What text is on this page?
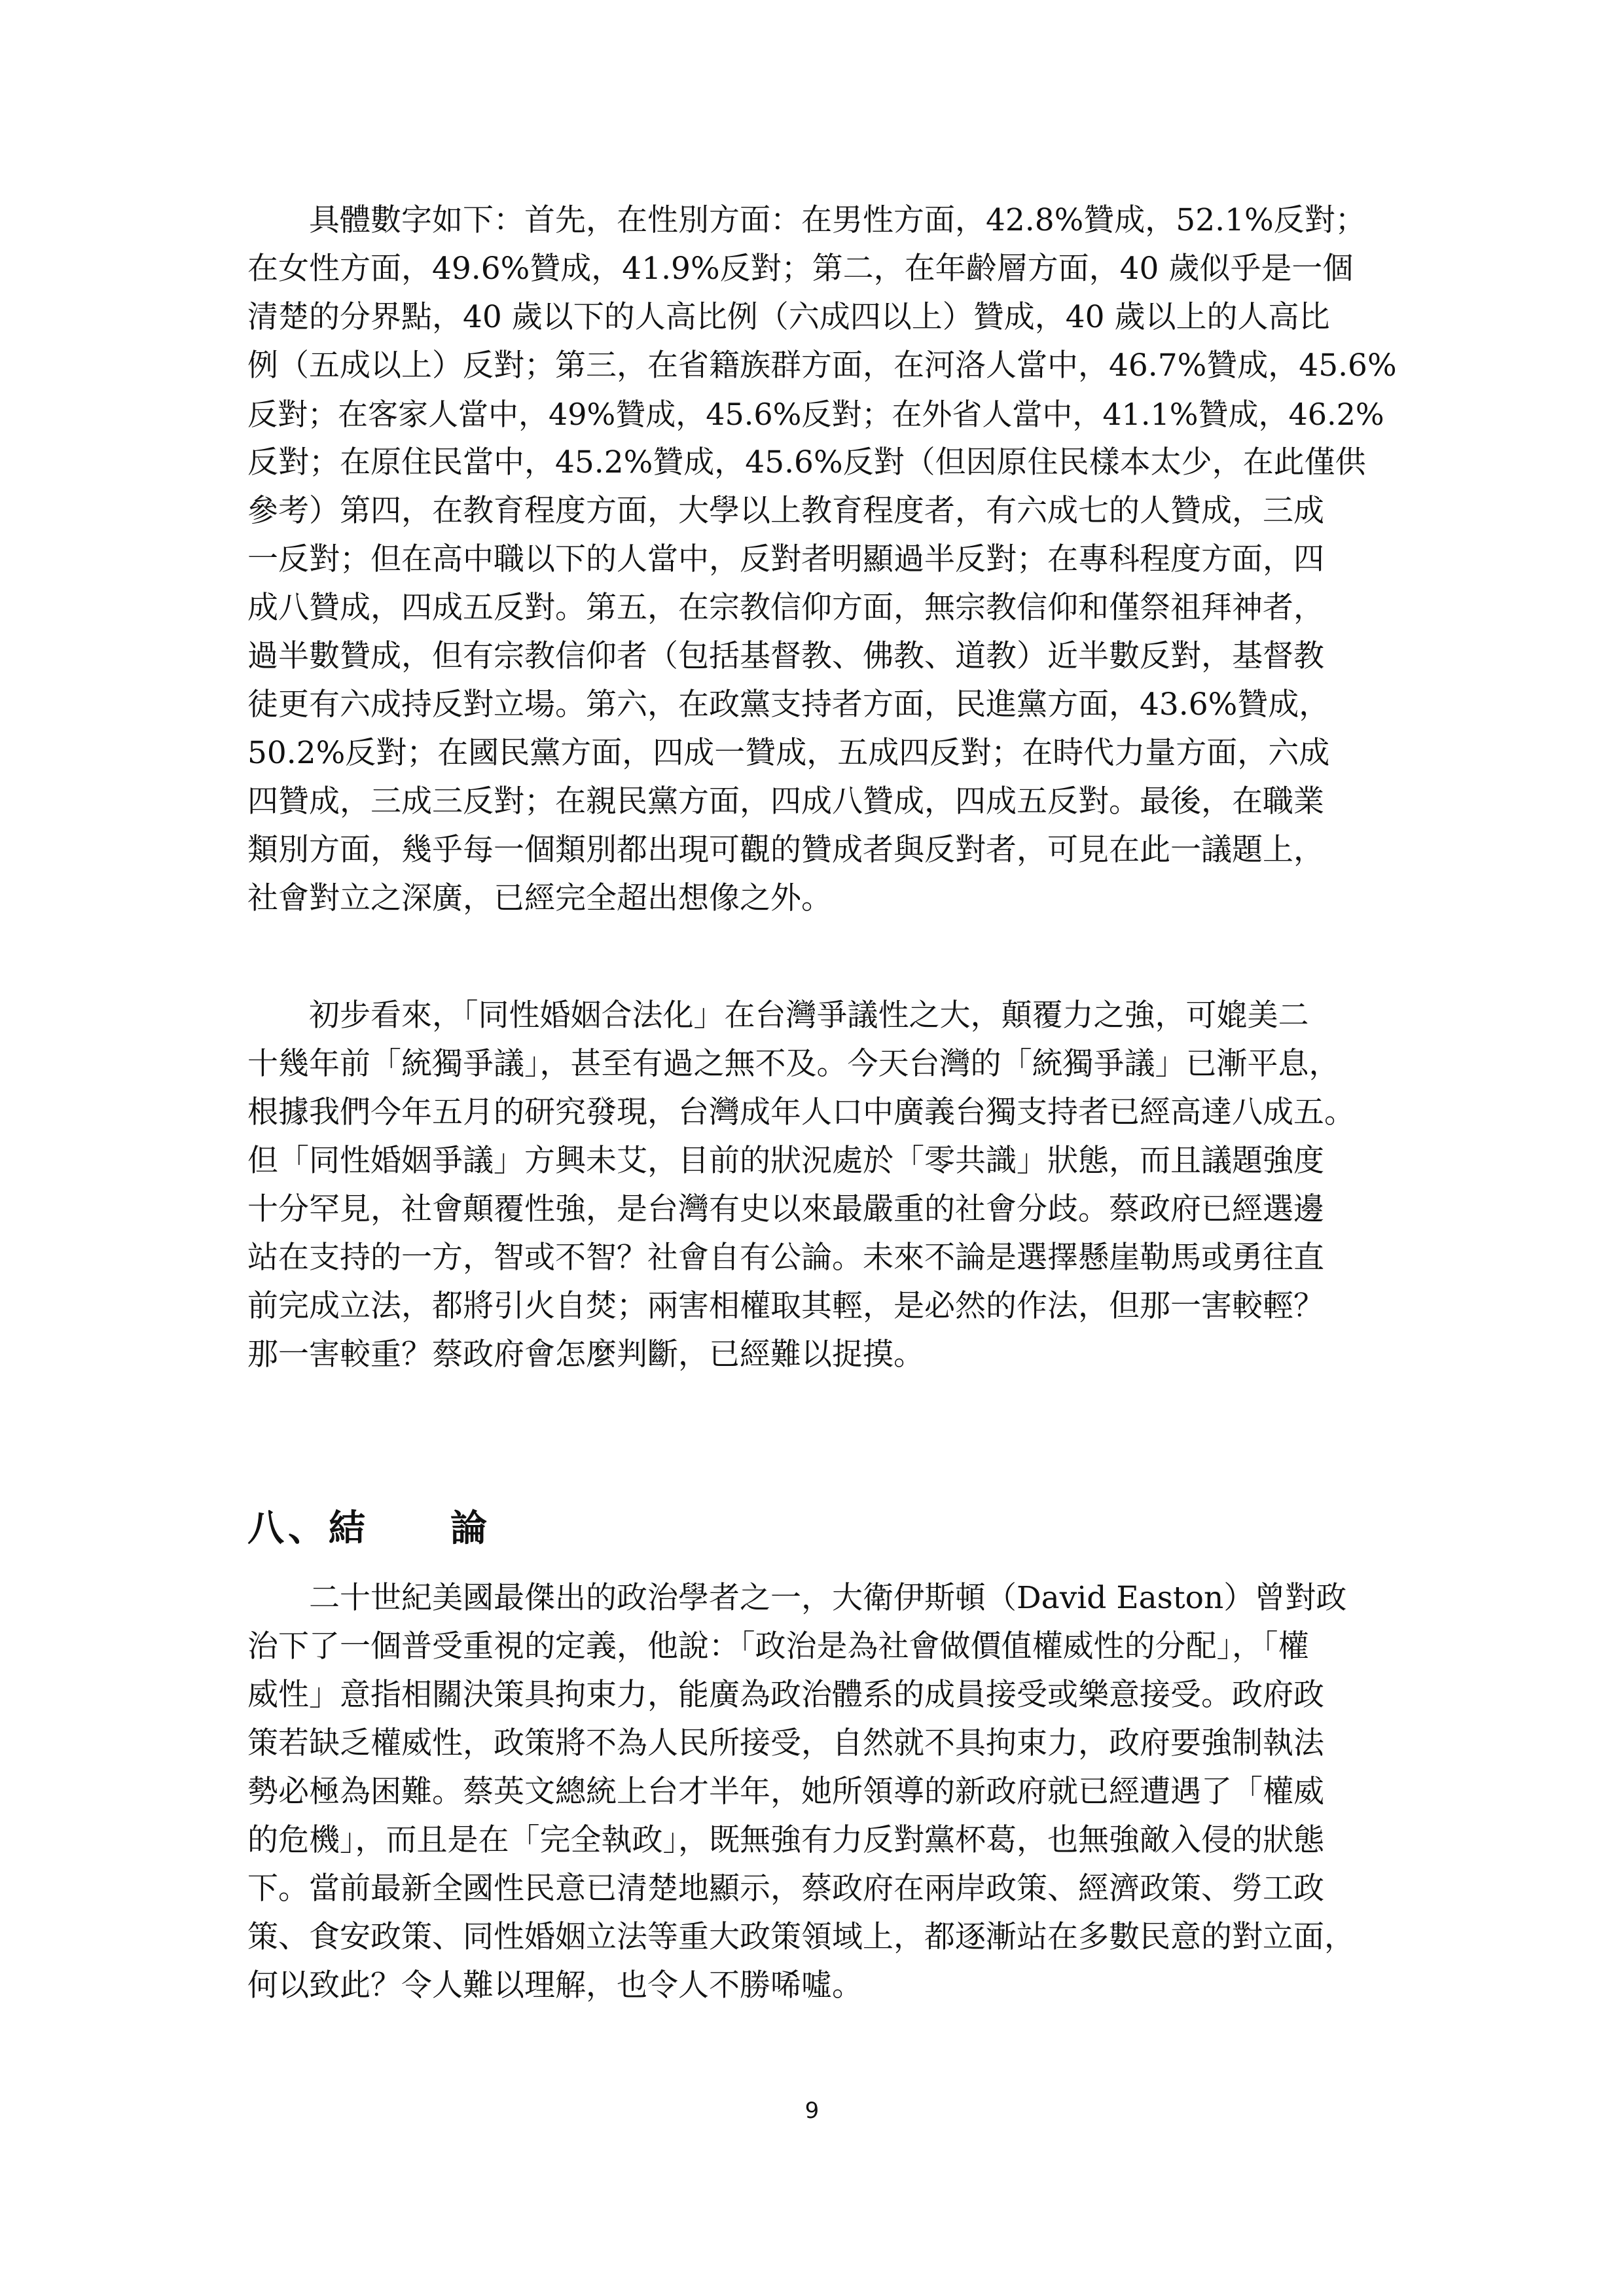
　　具體數字如下：首先，在性別方面：在男性方面，42.8%贊成，52.1%反對；
在女性方面，49.6%贊成，41.9%反對；第二，在年齡層方面，40 歲似乎是一個
清楚的分界點，40 歲以下的人高比例（六成四以上）贊成，40 歲以上的人高比
例（五成以上）反對；第三，在省籍族群方面，在河洛人當中，46.7%贊成，45.6%
反對；在客家人當中，49%贊成，45.6%反對；在外省人當中，41.1%贊成，46.2%
反對；在原住民當中，45.2%贊成，45.6%反對（但因原住民樣本太少，在此僅供
參考）第四，在教育程度方面，大學以上教育程度者，有六成七的人贊成，三成
一反對；但在高中職以下的人當中，反對者明顯過半反對；在專科程度方面，四
成八贊成，四成五反對。第五，在宗教信仰方面，無宗教信仰和僅祭祖拜神者，
過半數贊成，但有宗教信仰者（包括基督教、佛教、道教）近半數反對，基督教
徒更有六成持反對立場。第六，在政黨支持者方面，民進黨方面，43.6%贊成，
50.2%反對；在國民黨方面，四成一贊成，五成四反對；在時代力量方面，六成
四贊成，三成三反對；在親民黨方面，四成八贊成，四成五反對。最後，在職業
類別方面，幾乎每一個類別都出現可觀的贊成者與反對者，可見在此一議題上，
社會對立之深廣，已經完全超出想像之外。
　　初步看來，「同性婚姻合法化」在台灣爭議性之大，顛覆力之強，可媲美二
十幾年前「統獨爭議」，甚至有過之無不及。今天台灣的「統獨爭議」已漸平息，
根據我們今年五月的研究發現，台灣成年人口中廣義台獨支持者已經高達八成五。
但「同性婚姻爭議」方興未艾，目前的狀況處於「零共識」狀態，而且議題強度
十分罕見，社會顛覆性強，是台灣有史以來最嚴重的社會分歧。蔡政府已經選邊
站在支持的一方，智或不智？社會自有公論。未來不論是選擇懸崖勒馬或勇往直
前完成立法，都將引火自焚；兩害相權取其輕，是必然的作法，但那一害較輕？
那一害較重？蔡政府會怎麼判斷，已經難以捉摸。
八、結　　論
　　二十世紀美國最傑出的政治學者之一，大衛伊斯頓（David Easton）曾對政
治下了一個普受重視的定義，他說：「政治是為社會做價值權威性的分配」，「權
威性」意指相關決策具拘束力，能廣為政治體系的成員接受或樂意接受。政府政
策若缺乏權威性，政策將不為人民所接受，自然就不具拘束力，政府要強制執法
勢必極為困難。蔡英文總統上台才半年，她所領導的新政府就已經遭遇了「權威
的危機」，而且是在「完全執政」，既無強有力反對黨杯葛，也無強敵入侵的狀態
下。當前最新全國性民意已清楚地顯示，蔡政府在兩岸政策、經濟政策、勞工政
策、食安政策、同性婚姻立法等重大政策領域上，都逐漸站在多數民意的對立面，
何以致此？令人難以理解，也令人不勝唏噓。
9
